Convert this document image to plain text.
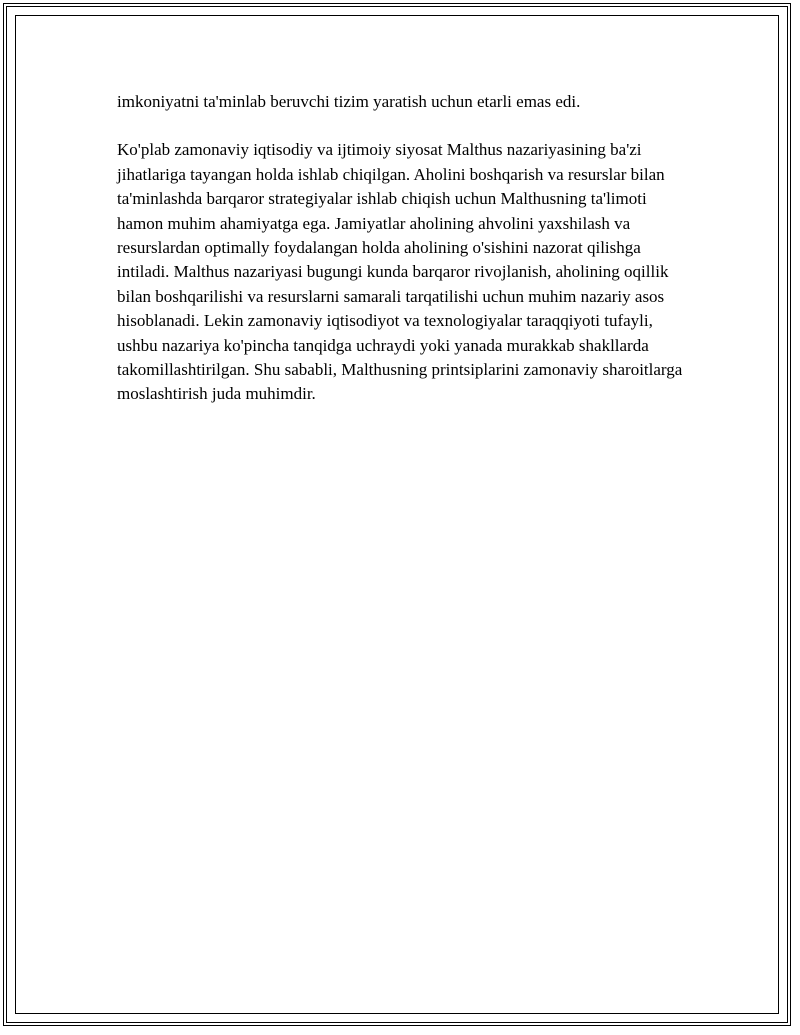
imkoniyatni ta'minlab beruvchi tizim yaratish uchun etarli emas edi.

Ko'plab zamonaviy iqtisodiy va ijtimoiy siyosat Malthus nazariyasining ba'zi jihatlariga tayangan holda ishlab chiqilgan. Aholini boshqarish va resurslar bilan ta'minlashda barqaror strategiyalar ishlab chiqish uchun Malthusning ta'limoti hamon muhim ahamiyatga ega. Jamiyatlar aholining ahvolini yaxshilash va resurslardan optimally foydalangan holda aholining o'sishini nazorat qilishga intiladi. Malthus nazariyasi bugungi kunda barqaror rivojlanish, aholining oqillik bilan boshqarilishi va resurslarni samarali tarqatilishi uchun muhim nazariy asos hisoblanadi. Lekin zamonaviy iqtisodiyot va texnologiyalar taraqqiyoti tufayli, ushbu nazariya ko'pincha tanqidga uchraydi yoki yanada murakkab shakllarda takomillashtirilgan. Shu sababli, Malthusning printsiplarini zamonaviy sharoitlarga moslashtirish juda muhimdir.
